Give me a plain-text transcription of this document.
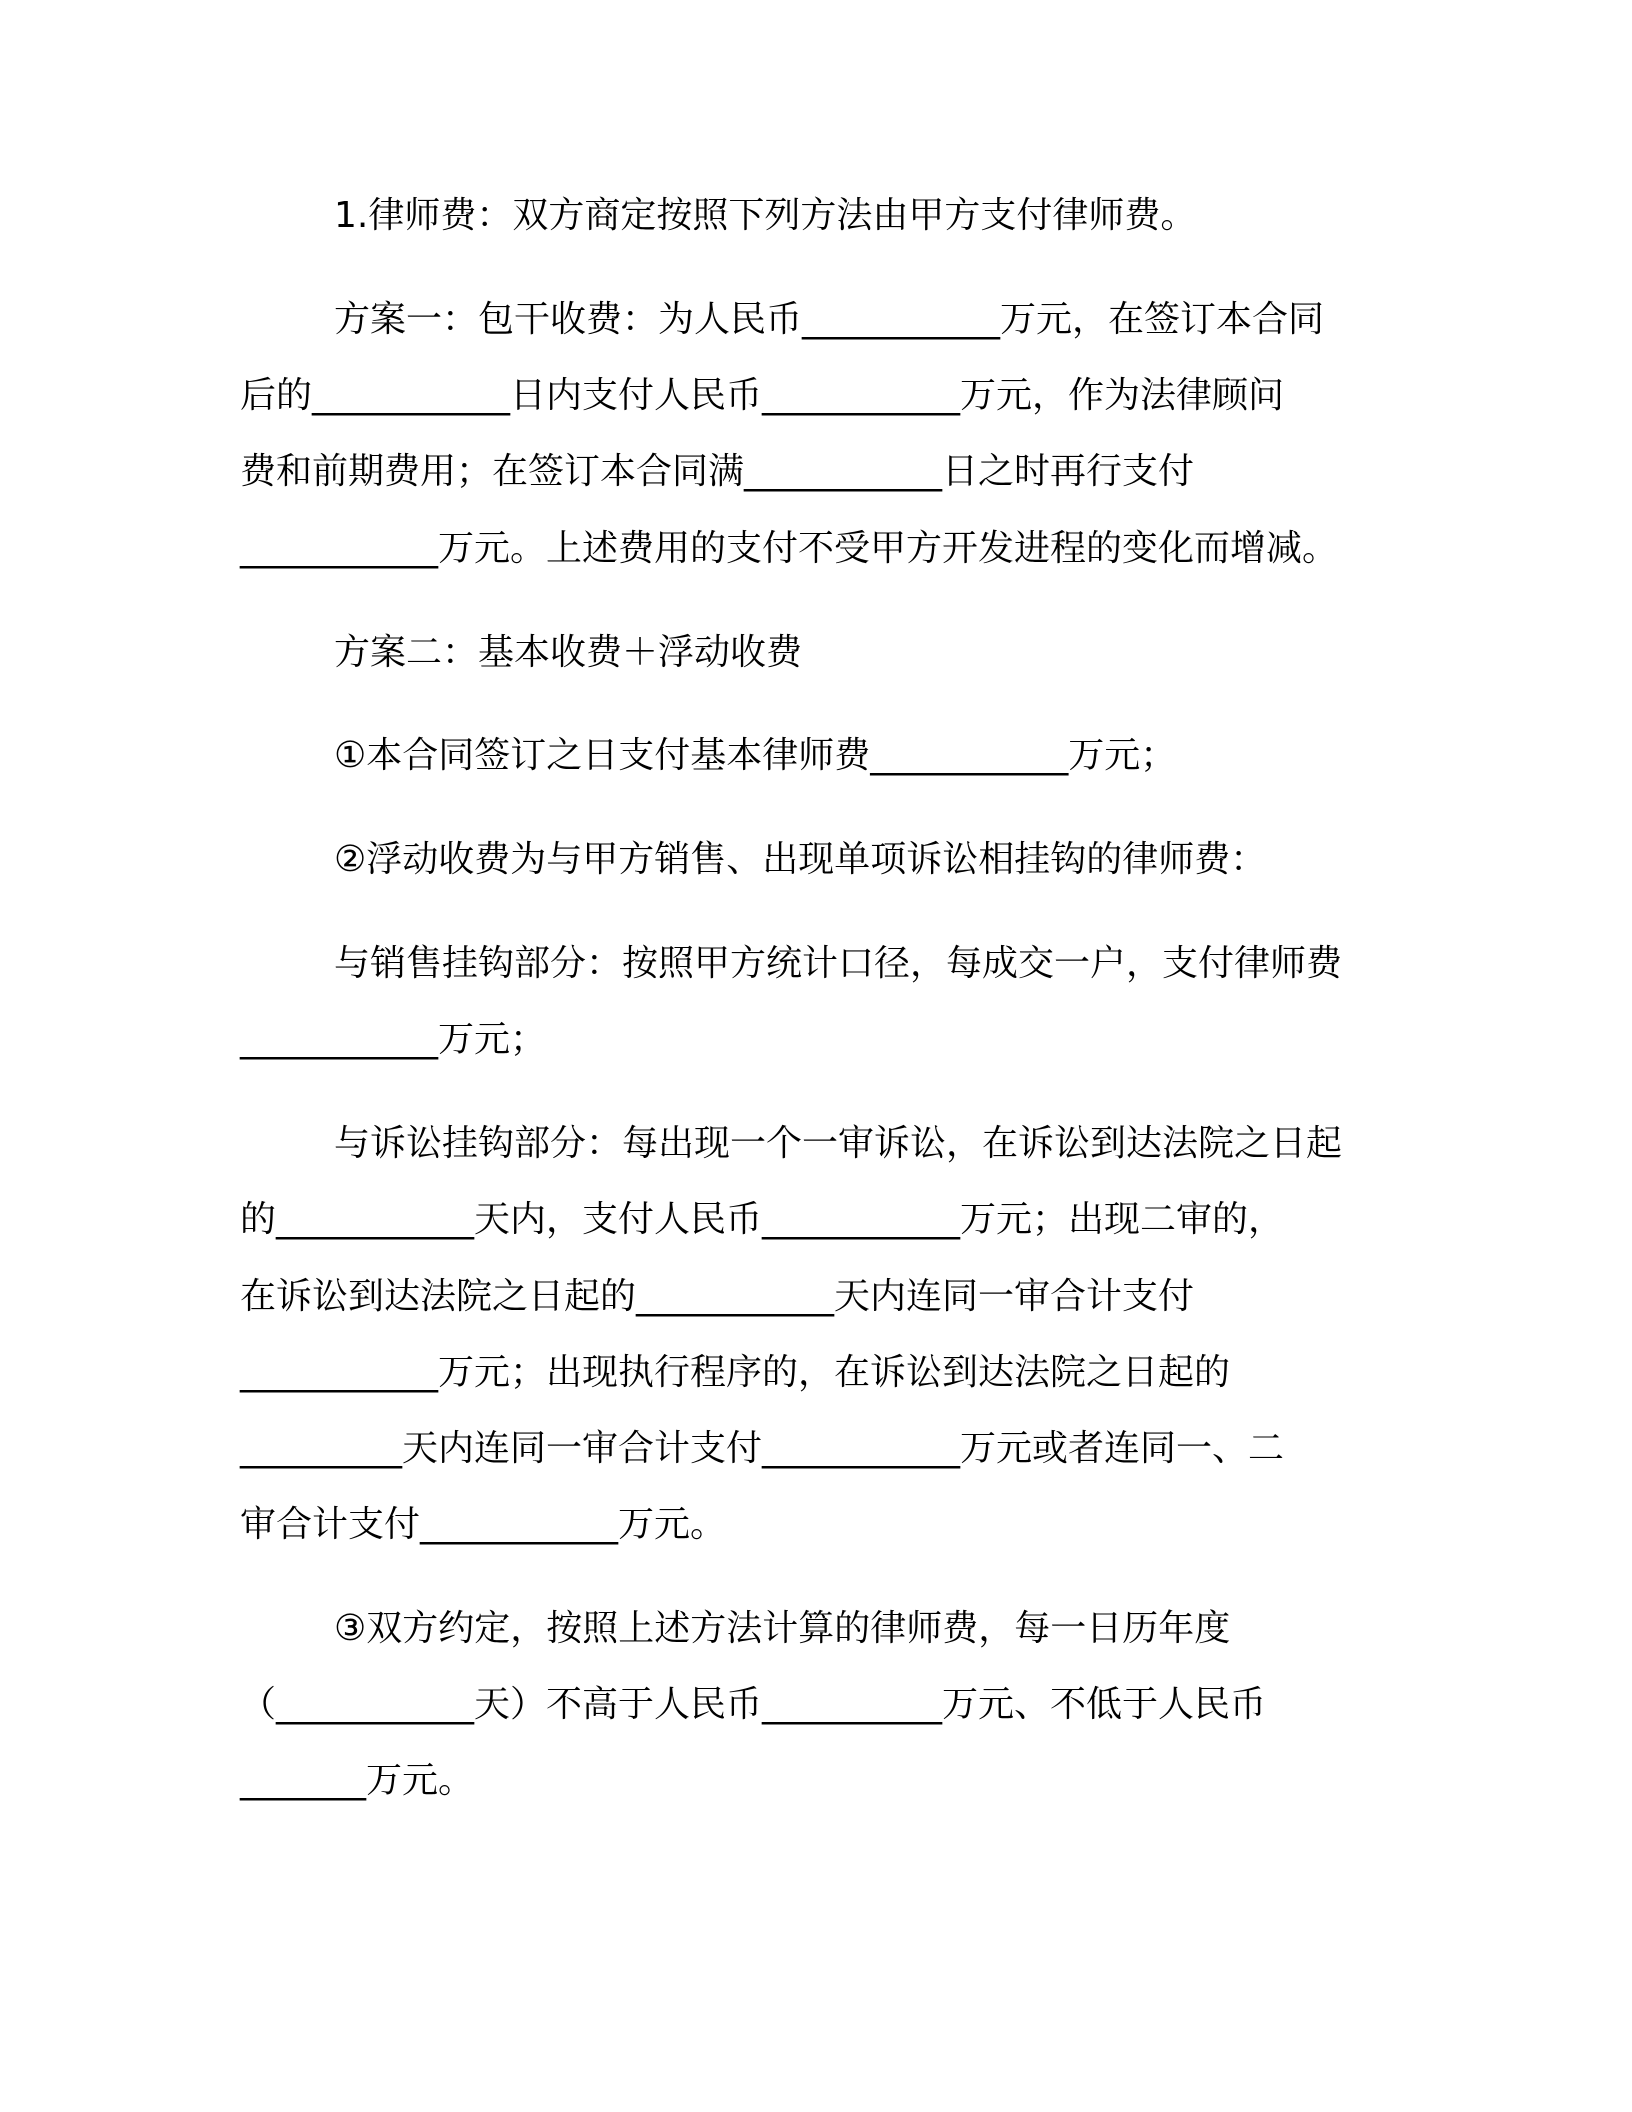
1.律师费：双方商定按照下列方法由甲方支付律师费。

方案一：包干收费：为人民币___________万元，在签订本合同

后的___________日内支付人民币___________万元，作为法律顾问

费和前期费用；在签订本合同满___________日之时再行支付

___________万元。上述费用的支付不受甲方开发进程的变化而增减。

方案二：基本收费＋浮动收费

①本合同签订之日支付基本律师费___________万元；

②浮动收费为与甲方销售、出现单项诉讼相挂钩的律师费：

与销售挂钩部分：按照甲方统计口径，每成交一户，支付律师费

___________万元；

与诉讼挂钩部分：每出现一个一审诉讼，在诉讼到达法院之日起

的___________天内，支付人民币___________万元；出现二审的，

在诉讼到达法院之日起的___________天内连同一审合计支付

___________万元；出现执行程序的，在诉讼到达法院之日起的

_________天内连同一审合计支付___________万元或者连同一、二

审合计支付___________万元。

③双方约定，按照上述方法计算的律师费，每一日历年度

（___________天）不高于人民币__________万元、不低于人民币

_______万元。
